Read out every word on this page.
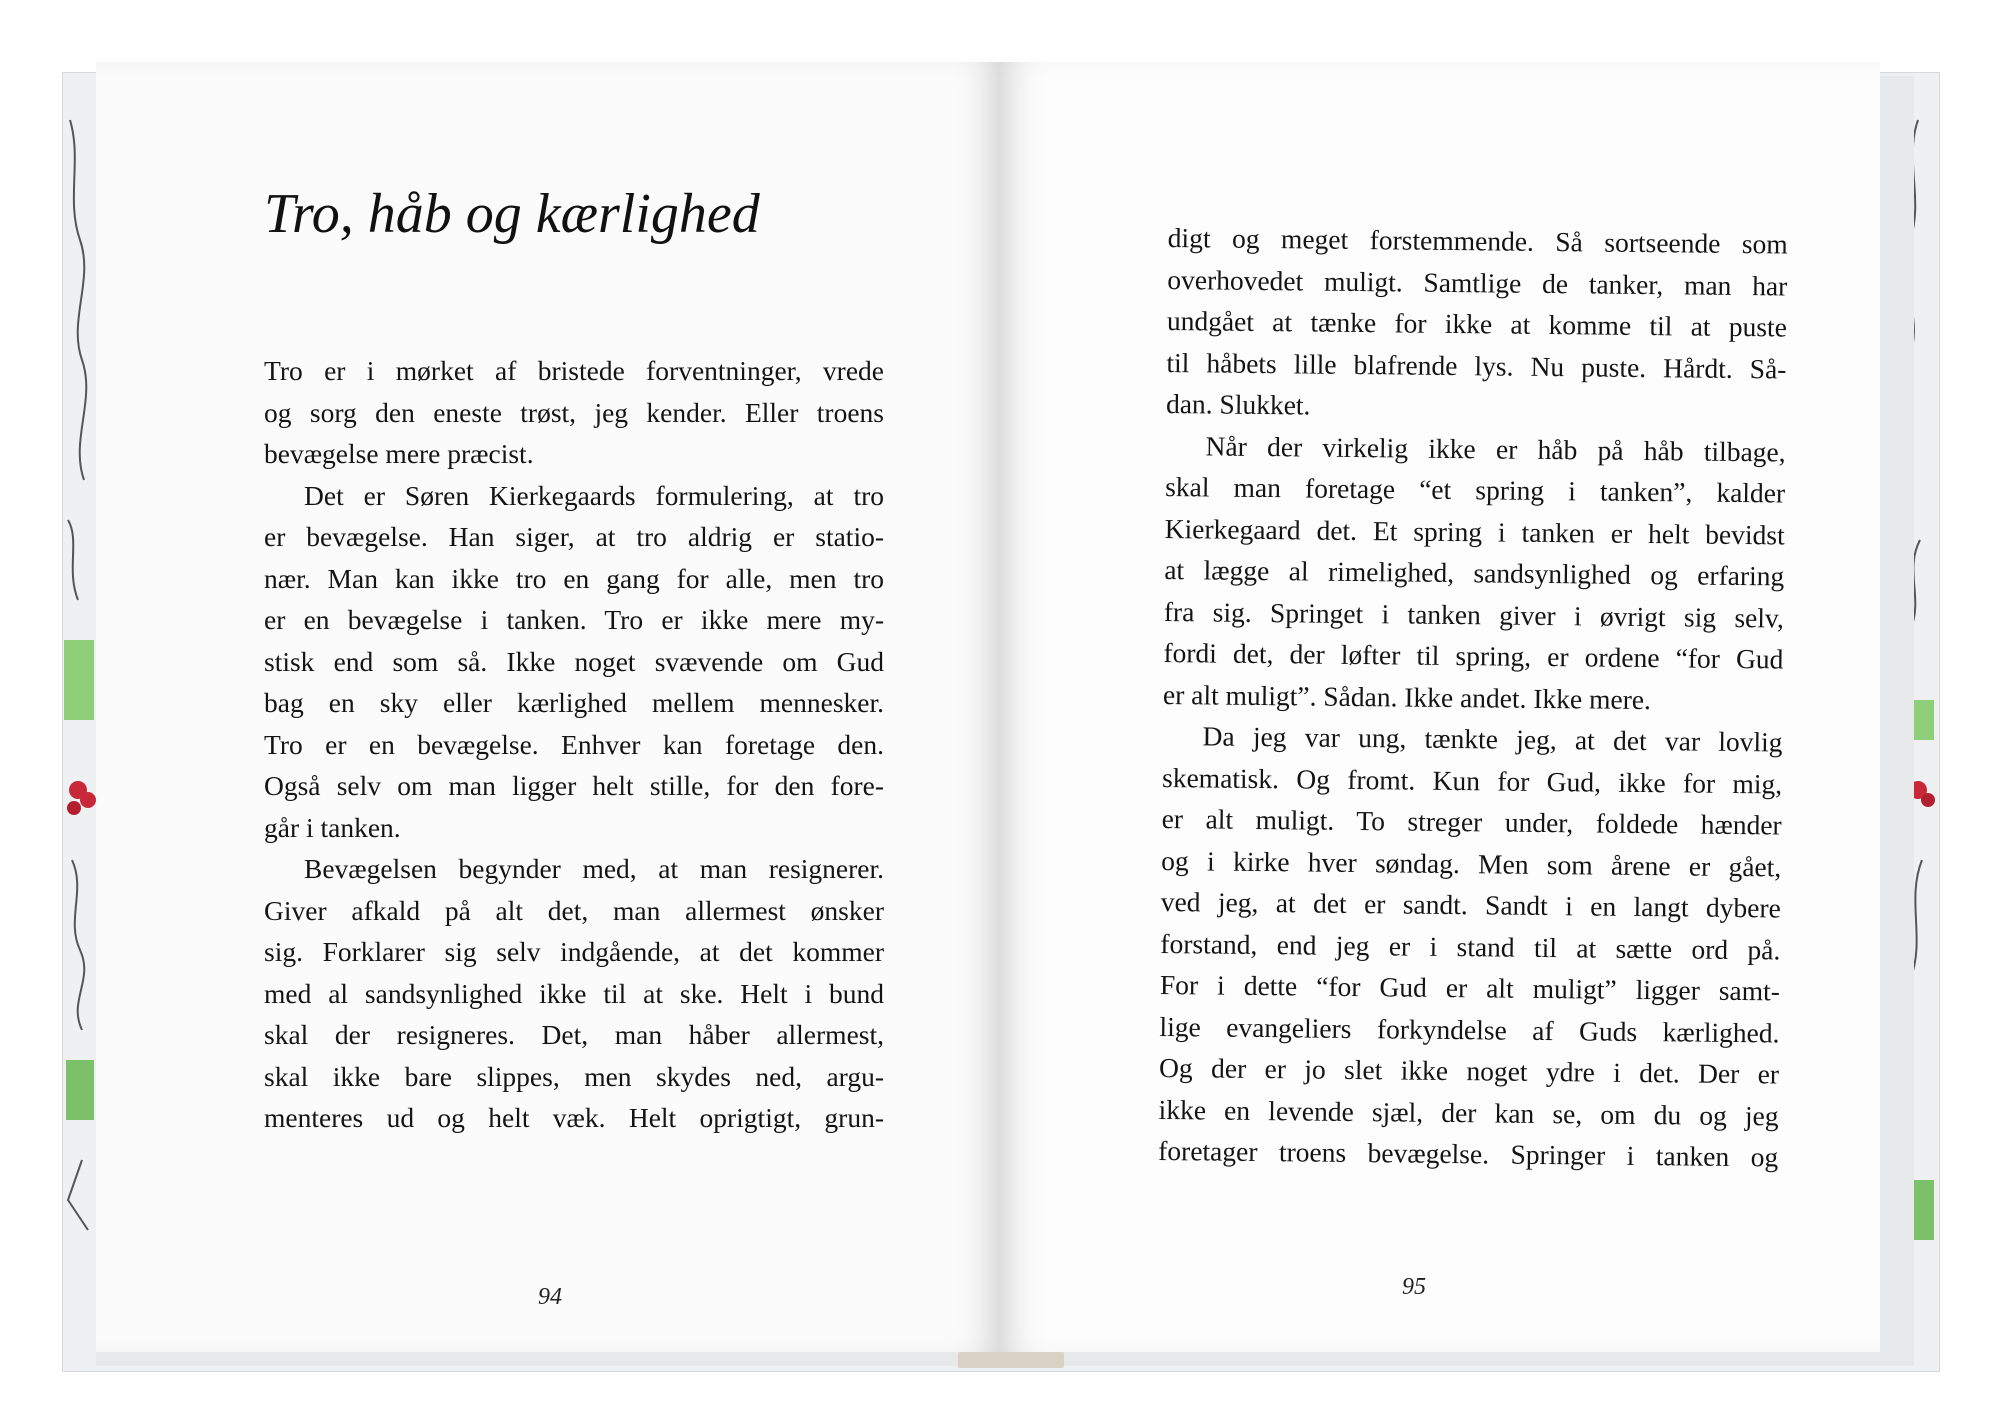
Tro, håb og kærlighed
Tro er i mørket af bristede forventninger, vrede
og sorg den eneste trøst, jeg kender. Eller troens
bevægelse mere præcist.
Det er Søren Kierkegaards formulering, at tro
er bevægelse. Han siger, at tro aldrig er statio-
nær. Man kan ikke tro en gang for alle, men tro
er en bevægelse i tanken. Tro er ikke mere my-
stisk end som så. Ikke noget svævende om Gud
bag en sky eller kærlighed mellem mennesker.
Tro er en bevægelse. Enhver kan foretage den.
Også selv om man ligger helt stille, for den fore-
går i tanken.
Bevægelsen begynder med, at man resignerer.
Giver afkald på alt det, man allermest ønsker
sig. Forklarer sig selv indgående, at det kommer
med al sandsynlighed ikke til at ske. Helt i bund
skal der resigneres. Det, man håber allermest,
skal ikke bare slippes, men skydes ned, argu-
menteres ud og helt væk. Helt oprigtigt, grun-
94
digt og meget forstemmende. Så sortseende som
overhovedet muligt. Samtlige de tanker, man har
undgået at tænke for ikke at komme til at puste
til håbets lille blafrende lys. Nu puste. Hårdt. Så-
dan. Slukket.
Når der virkelig ikke er håb på håb tilbage,
skal man foretage “et spring i tanken”, kalder
Kierkegaard det. Et spring i tanken er helt bevidst
at lægge al rimelighed, sandsynlighed og erfaring
fra sig. Springet i tanken giver i øvrigt sig selv,
fordi det, der løfter til spring, er ordene “for Gud
er alt muligt”. Sådan. Ikke andet. Ikke mere.
Da jeg var ung, tænkte jeg, at det var lovlig
skematisk. Og fromt. Kun for Gud, ikke for mig,
er alt muligt. To streger under, foldede hænder
og i kirke hver søndag. Men som årene er gået,
ved jeg, at det er sandt. Sandt i en langt dybere
forstand, end jeg er i stand til at sætte ord på.
For i dette “for Gud er alt muligt” ligger samt-
lige evangeliers forkyndelse af Guds kærlighed.
Og der er jo slet ikke noget ydre i det. Der er
ikke en levende sjæl, der kan se, om du og jeg
foretager troens bevægelse. Springer i tanken og
95
